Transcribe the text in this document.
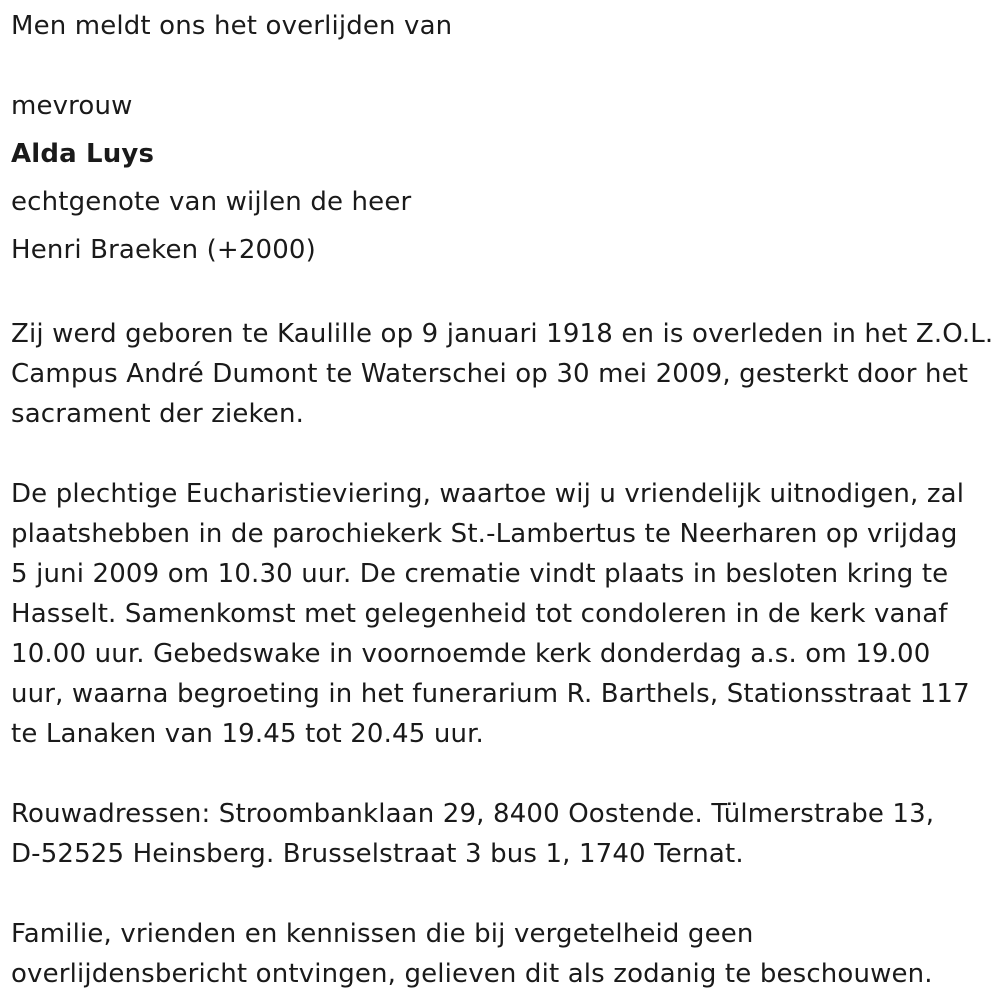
Men meldt ons het overlijden van

mevrouw
Alda Luys
echtgenote van wijlen de heer
Henri Braeken (+2000)

Zij werd geboren te Kaulille op 9 januari 1918 en is overleden in het Z.O.L.

Campus André Dumont te Waterschei op 30 mei 2009, gesterkt door het

sacrament der zieken.

De plechtige Eucharistieviering, waartoe wij u vriendelijk uitnodigen, zal

plaatshebben in de parochiekerk St.-Lambertus te Neerharen op vrijdag

5 juni 2009 om 10.30 uur. De crematie vindt plaats in besloten kring te

Hasselt. Samenkomst met gelegenheid tot condoleren in de kerk vanaf

10.00 uur. Gebedswake in voornoemde kerk donderdag a.s. om 19.00

uur, waarna begroeting in het funerarium R. Barthels, Stationsstraat 117

te Lanaken van 19.45 tot 20.45 uur.

Rouwadressen: Stroombanklaan 29, 8400 Oostende. Tülmerstrabe 13,

D-52525 Heinsberg. Brusselstraat 3 bus 1, 1740 Ternat.

Familie, vrienden en kennissen die bij vergetelheid geen

overlijdensbericht ontvingen, gelieven dit als zodanig te beschouwen.
